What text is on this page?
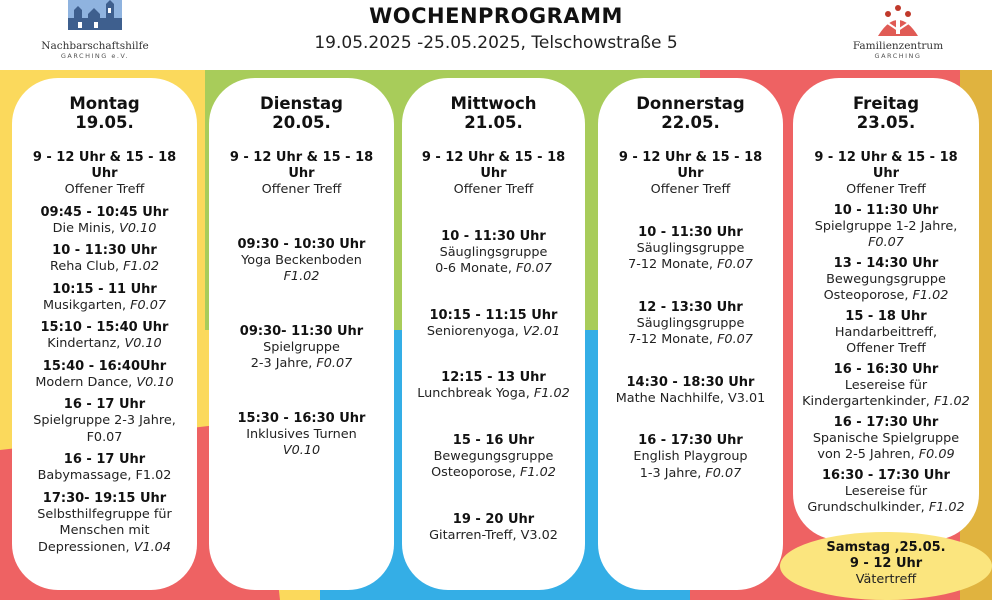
Nachbarschaftshilfe
GARCHING e.V.
WOCHENPROGRAMM
19.05.2025 -25.05.2025, Telschowstraße 5	Familienzentrum
GARCHING
Montag
19.05.
9 - 12 Uhr & 15 - 18 Uhr
Offener Treff
09:45 - 10:45 Uhr
Die Minis, V0.10
10 - 11:30 Uhr
Reha Club, F1.02
10:15 - 11 Uhr
Musikgarten, F0.07
15:10 - 15:40 Uhr
Kindertanz, V0.10
15:40 - 16:40Uhr
Modern Dance, V0.10
16 - 17 Uhr
Spielgruppe 2-3 Jahre,
F0.07
16 - 17 Uhr
Babymassage, F1.02
17:30- 19:15 Uhr
Selbsthilfegruppe für
Menschen mit
Depressionen, V1.04
Dienstag
20.05.
9 - 12 Uhr & 15 - 18 Uhr
Offener Treff
09:30 - 10:30 Uhr
Yoga Beckenboden
F1.02
09:30- 11:30 Uhr
Spielgruppe
2-3 Jahre, F0.07
15:30 - 16:30 Uhr
Inklusives Turnen
V0.10
Mittwoch
21.05.
9 - 12 Uhr & 15 - 18 Uhr
Offener Treff
10 - 11:30 Uhr
Säuglingsgruppe
0-6 Monate, F0.07
10:15 - 11:15 Uhr
Seniorenyoga, V2.01
12:15 - 13 Uhr
Lunchbreak Yoga, F1.02
15 - 16 Uhr
Bewegungsgruppe
Osteoporose, F1.02
19 - 20 Uhr
Gitarren-Treff, V3.02
Donnerstag
22.05.
9 - 12 Uhr & 15 - 18 Uhr
Offener Treff
10 - 11:30 Uhr
Säuglingsgruppe
7-12 Monate, F0.07
12 - 13:30 Uhr
Säuglingsgruppe
7-12 Monate, F0.07
14:30 - 18:30 Uhr
Mathe Nachhilfe, V3.01
16 - 17:30 Uhr
English Playgroup
1-3 Jahre, F0.07
Freitag
23.05.
9 - 12 Uhr & 15 - 18 Uhr
Offener Treff
10 - 11:30 Uhr
Spielgruppe 1-2 Jahre,
F0.07
13 - 14:30 Uhr
Bewegungsgruppe
Osteoporose, F1.02
15 - 18 Uhr
Handarbeittreff,
Offener Treff
16 - 16:30 Uhr
Lesereise für
Kindergartenkinder, F1.02
16 - 17:30 Uhr
Spanische Spielgruppe
von 2-5 Jahren, F0.09
16:30 - 17:30 Uhr
Lesereise für
Grundschulkinder, F1.02
Samstag ,25.05.
9 - 12 Uhr
Vätertreff
